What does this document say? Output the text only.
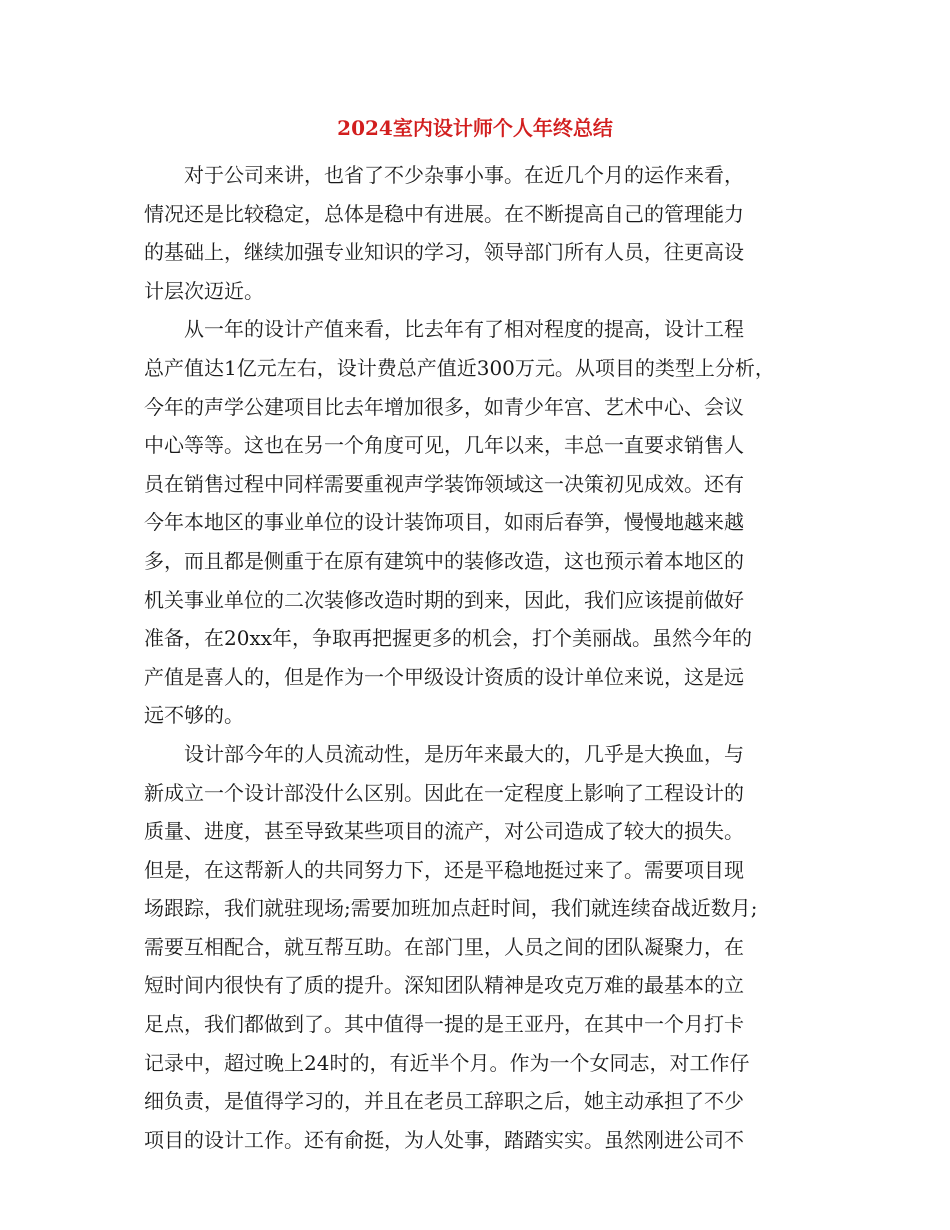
2024室内设计师个人年终总结
对于公司来讲，也省了不少杂事小事。在近几个月的运作来看，
情况还是比较稳定，总体是稳中有进展。在不断提高自己的管理能力
的基础上，继续加强专业知识的学习，领导部门所有人员，往更高设
计层次迈近。
从一年的设计产值来看，比去年有了相对程度的提高，设计工程
总产值达1亿元左右，设计费总产值近300万元。从项目的类型上分析，
今年的声学公建项目比去年增加很多，如青少年宫、艺术中心、会议
中心等等。这也在另一个角度可见，几年以来，丰总一直要求销售人
员在销售过程中同样需要重视声学装饰领域这一决策初见成效。还有
今年本地区的事业单位的设计装饰项目，如雨后春笋，慢慢地越来越
多，而且都是侧重于在原有建筑中的装修改造，这也预示着本地区的
机关事业单位的二次装修改造时期的到来，因此，我们应该提前做好
准备，在20xx年，争取再把握更多的机会，打个美丽战。虽然今年的
产值是喜人的，但是作为一个甲级设计资质的设计单位来说，这是远
远不够的。
设计部今年的人员流动性，是历年来最大的，几乎是大换血，与
新成立一个设计部没什么区别。因此在一定程度上影响了工程设计的
质量、进度，甚至导致某些项目的流产，对公司造成了较大的损失。
但是，在这帮新人的共同努力下，还是平稳地挺过来了。需要项目现
场跟踪，我们就驻现场;需要加班加点赶时间，我们就连续奋战近数月;
需要互相配合，就互帮互助。在部门里，人员之间的团队凝聚力，在
短时间内很快有了质的提升。深知团队精神是攻克万难的最基本的立
足点，我们都做到了。其中值得一提的是王亚丹，在其中一个月打卡
记录中，超过晚上24时的，有近半个月。作为一个女同志，对工作仔
细负责，是值得学习的，并且在老员工辞职之后，她主动承担了不少
项目的设计工作。还有俞挺，为人处事，踏踏实实。虽然刚进公司不
